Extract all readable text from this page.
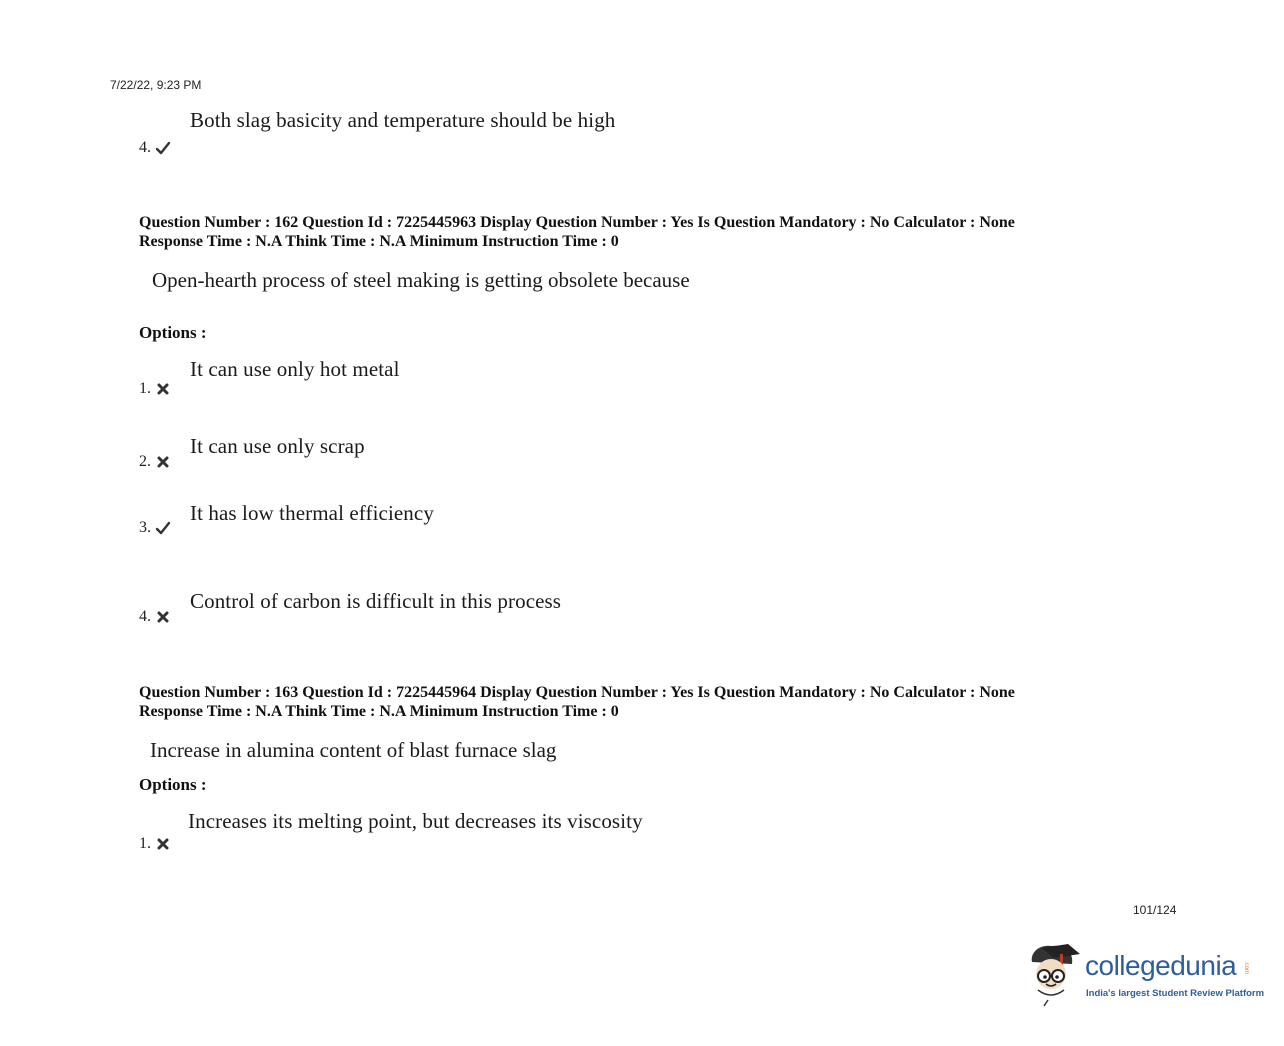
7/22/22, 9:23 PM
Both slag basicity and temperature should be high
4.
Question Number : 162 Question Id : 7225445963 Display Question Number : Yes Is Question Mandatory : No Calculator : None
Response Time : N.A Think Time : N.A Minimum Instruction Time : 0
Open-hearth process of steel making is getting obsolete because
Options :
It can use only hot metal
1.
It can use only scrap
2.
It has low thermal efficiency
3.
Control of carbon is difficult in this process
4.
Question Number : 163 Question Id : 7225445964 Display Question Number : Yes Is Question Mandatory : No Calculator : None
Response Time : N.A Think Time : N.A Minimum Instruction Time : 0
Increase in alumina content of blast furnace slag
Options :
Increases its melting point, but decreases its viscosity
1.
101/124
collegedunia .com
India's largest Student Review Platform
